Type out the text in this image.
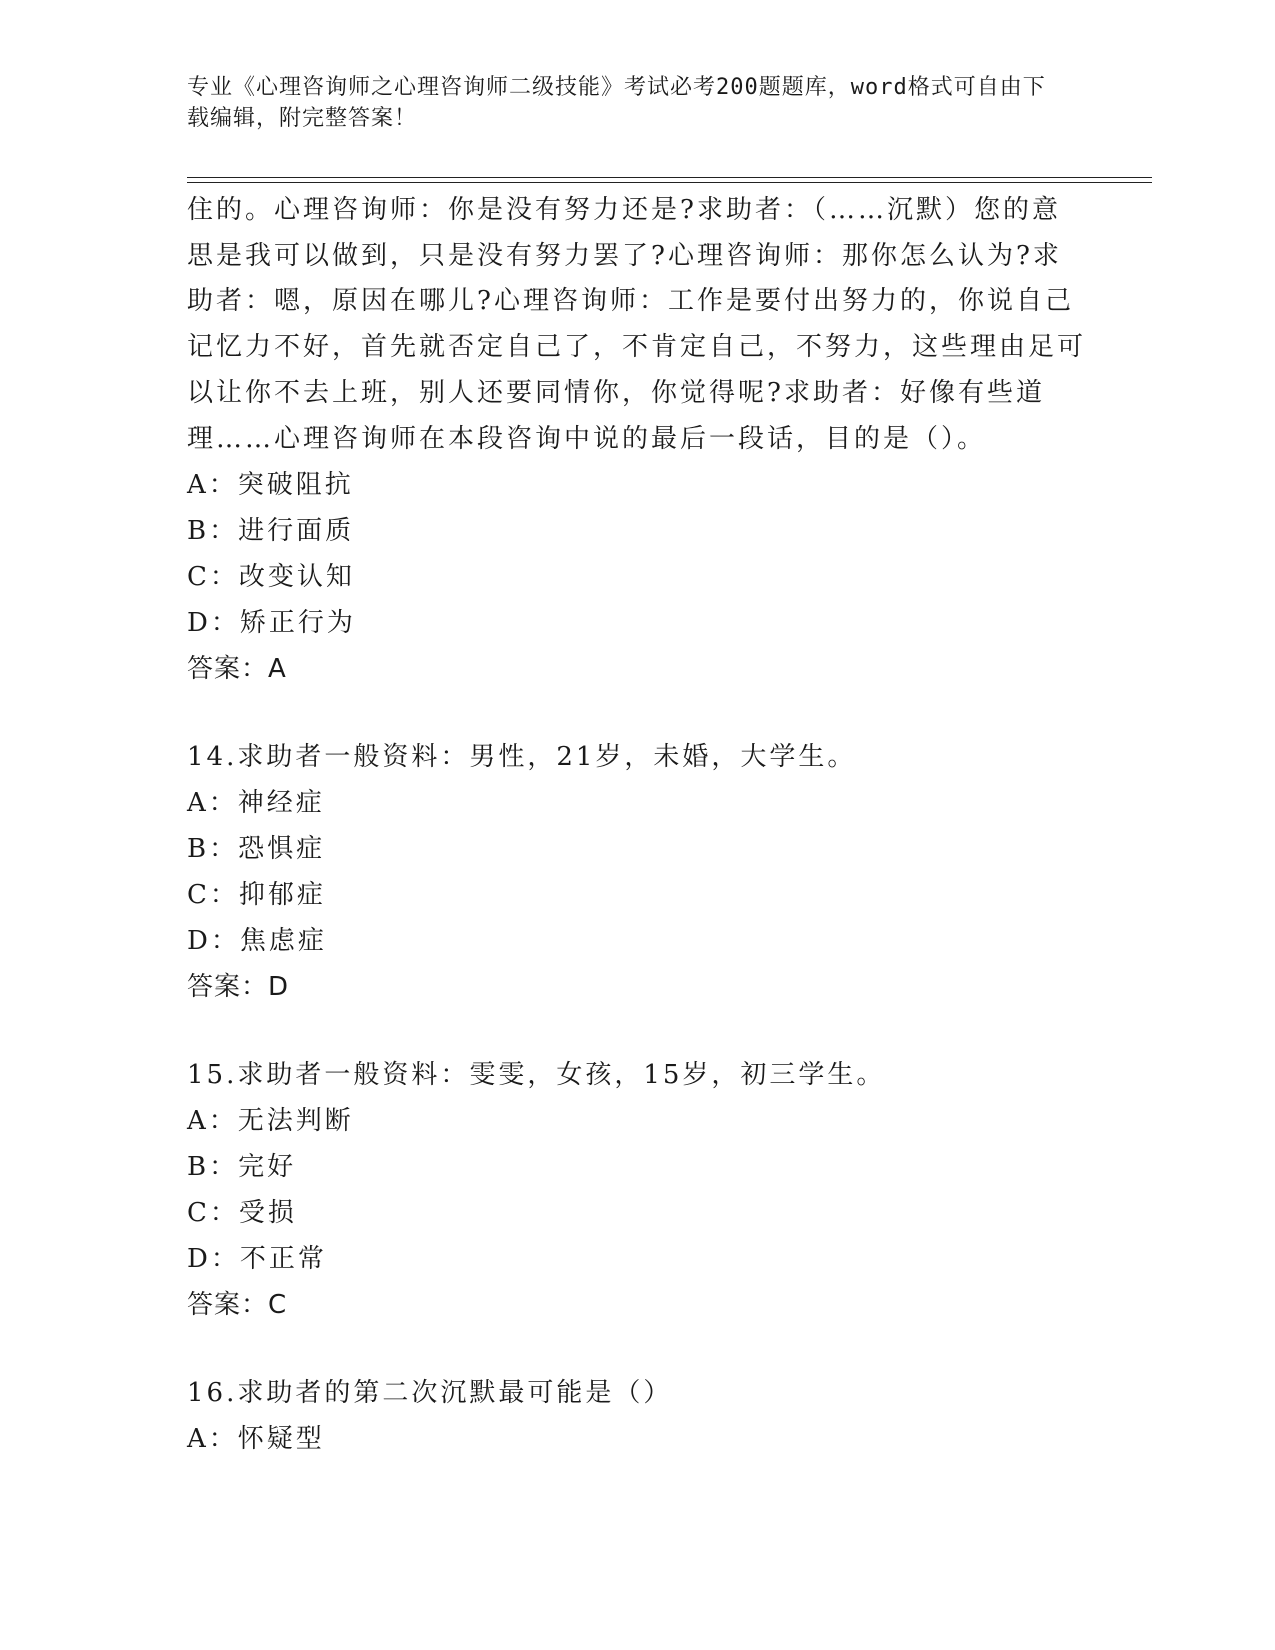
专业《心理咨询师之心理咨询师二级技能》考试必考200题题库，word格式可自由下载编辑，附完整答案！

住的。心理咨询师：你是没有努力还是?求助者：（……沉默）您的意思是我可以做到，只是没有努力罢了?心理咨询师：那你怎么认为?求助者：嗯，原因在哪儿?心理咨询师：工作是要付出努力的，你说自己记忆力不好，首先就否定自己了，不肯定自己，不努力，这些理由足可以让你不去上班，别人还要同情你，你觉得呢?求助者：好像有些道理……心理咨询师在本段咨询中说的最后一段话，目的是（）。

A：突破阻抗
B：进行面质
C：改变认知
D：矫正行为
答案：A
14.求助者一般资料：男性，21岁，未婚，大学生。
A：神经症
B：恐惧症
C：抑郁症
D：焦虑症
答案：D
15.求助者一般资料：雯雯，女孩，15岁，初三学生。
A：无法判断
B：完好
C：受损
D：不正常
答案：C
16.求助者的第二次沉默最可能是（）
A：怀疑型
